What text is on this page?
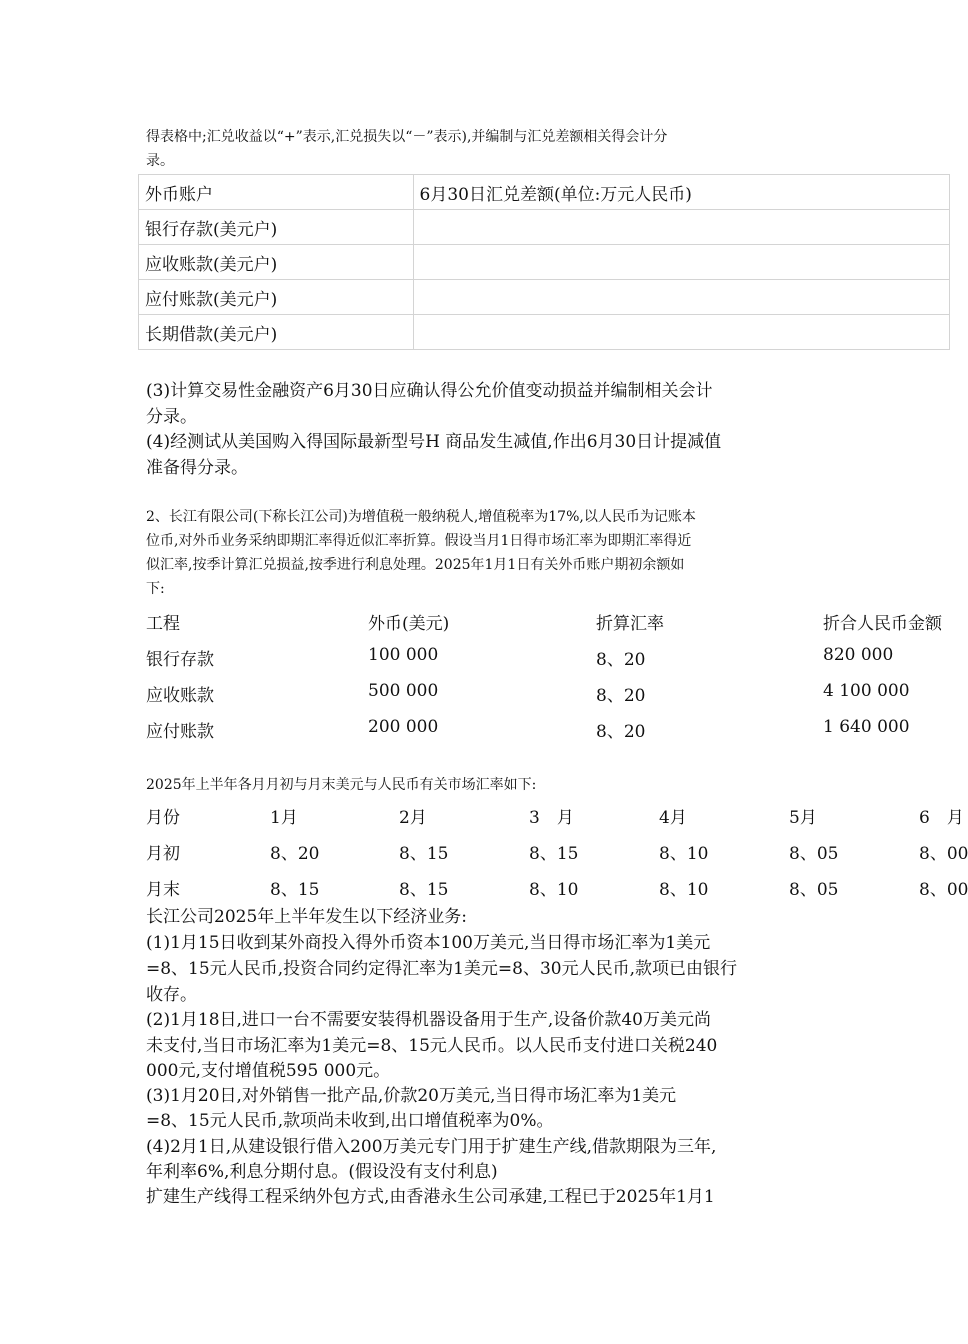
得表格中;汇兑收益以“+”表示,汇兑损失以“－”表示),并编制与汇兑差额相关得会计分
录。
外币账户	6月30日汇兑差额(单位:万元人民币)
银行存款(美元户)	
应收账款(美元户)	
应付账款(美元户)	
长期借款(美元户)	
(3)计算交易性金融资产6月30日应确认得公允价值变动损益并编制相关会计
分录。
(4)经测试从美国购入得国际最新型号H 商品发生减值,作出6月30日计提减值
准备得分录。
2、长江有限公司(下称长江公司)为增值税一般纳税人,增值税率为17%,以人民币为记账本
位币,对外币业务采纳即期汇率得近似汇率折算。假设当月1日得市场汇率为即期汇率得近
似汇率,按季计算汇兑损益,按季进行利息处理。2025年1月1日有关外币账户期初余额如
下:
工程	外币(美元)	折算汇率	折合人民币金额
银行存款	100 000	8、20	820 000
应收账款	500 000	8、20	4 100 000
应付账款	200 000	8、20	1 640 000
2025年上半年各月月初与月末美元与人民币有关市场汇率如下:
月份	1月	2月	3　月	4月	5月	6　月
月初	8、20	8、15	8、15	8、10	8、05	8、00
月末	8、15	8、15	8、10	8、10	8、05	8、00
长江公司2025年上半年发生以下经济业务:
(1)1月15日收到某外商投入得外币资本100万美元,当日得市场汇率为1美元
=8、15元人民币,投资合同约定得汇率为1美元=8、30元人民币,款项已由银行
收存。
(2)1月18日,进口一台不需要安装得机器设备用于生产,设备价款40万美元尚
未支付,当日市场汇率为1美元=8、15元人民币。以人民币支付进口关税240
000元,支付增值税595 000元。
(3)1月20日,对外销售一批产品,价款20万美元,当日得市场汇率为1美元
=8、15元人民币,款项尚未收到,出口增值税率为0%。
(4)2月1日,从建设银行借入200万美元专门用于扩建生产线,借款期限为三年,
年利率6%,利息分期付息。(假设没有支付利息)
扩建生产线得工程采纳外包方式,由香港永生公司承建,工程已于2025年1月1
